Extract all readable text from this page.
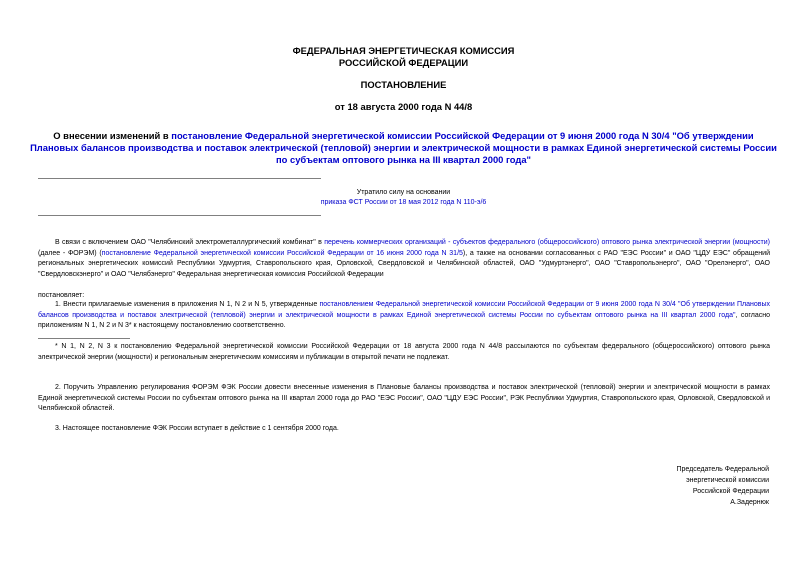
ФЕДЕРАЛЬНАЯ ЭНЕРГЕТИЧЕСКАЯ КОМИССИЯ
РОССИЙСКОЙ ФЕДЕРАЦИИ
ПОСТАНОВЛЕНИЕ
от 18 августа 2000 года N 44/8
О внесении изменений в постановление Федеральной энергетической комиссии Российской Федерации от 9 июня 2000 года N 30/4 "Об утверждении Плановых балансов производства и поставок электрической (тепловой) энергии и электрической мощности в рамках Единой энергетической системы России по субъектам оптового рынка на III квартал 2000 года"
Утратило силу на основании
приказа ФСТ России от 18 мая 2012 года N 110-э/6
В связи с включением ОАО "Челябинский электрометаллургический комбинат" в перечень коммерческих организаций - субъектов федерального (общероссийского) оптового рынка электрической энергии (мощности) (далее - ФОРЭМ) (постановление Федеральной энергетической комиссии Российской Федерации от 16 июня 2000 года N 31/5), а также на основании согласованных с РАО "ЕЭС России" и ОАО "ЦДУ ЕЭС" обращений региональных энергетических комиссий Республики Удмуртия, Ставропольского края, Орловской, Свердловской и Челябинской областей, ОАО "Удмуртэнерго", ОАО "Ставропольэнерго", ОАО "Орелэнерго", ОАО "Свердловскэнерго" и ОАО "Челябэнерго" Федеральная энергетическая комиссия Российской Федерации
постановляет:
1. Внести прилагаемые изменения в приложения N 1, N 2 и N 5, утвержденные постановлением Федеральной энергетической комиссии Российской Федерации от 9 июня 2000 года N 30/4 "Об утверждении Плановых балансов производства и поставок электрической (тепловой) энергии и электрической мощности в рамках Единой энергетической системы России по субъектам оптового рынка на III квартал 2000 года", согласно приложениям N 1, N 2 и N 3* к настоящему постановлению соответственно.
* N 1, N 2, N 3 к постановлению Федеральной энергетической комиссии Российской Федерации от 18 августа 2000 года N 44/8 рассылаются по субъектам федерального (общероссийского) оптового рынка электрической энергии (мощности) и региональным энергетическим комиссиям и публикации в открытой печати не подлежат.
2. Поручить Управлению регулирования ФОРЭМ ФЭК России довести внесенные изменения в Плановые балансы производства и поставок электрической (тепловой) энергии и электрической мощности в рамках Единой энергетической системы России по субъектам оптового рынка на III квартал 2000 года до РАО "ЕЭС России", ОАО "ЦДУ ЕЭС России", РЭК Республики Удмуртия, Ставропольского края, Орловской, Свердловской и Челябинской областей.
3. Настоящее постановление ФЭК России вступает в действие с 1 сентября 2000 года.
Председатель Федеральной
энергетической комиссии
Российской Федерации
А.Задернюк
